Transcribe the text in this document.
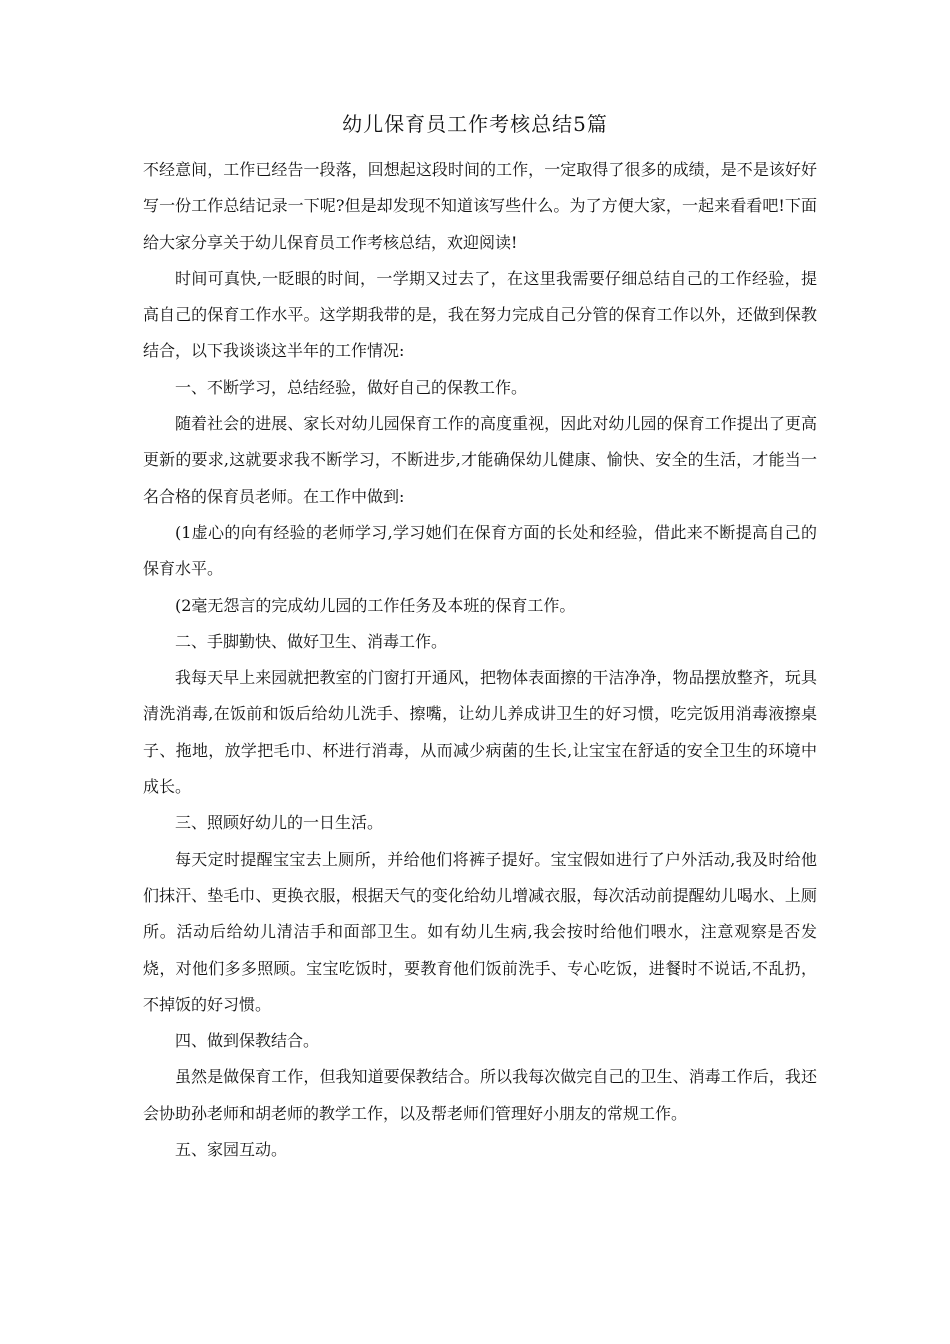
幼儿保育员工作考核总结5篇

不经意间，工作已经告一段落，回想起这段时间的工作，一定取得了很多的成绩，是不是该好好写一份工作总结记录一下呢?但是却发现不知道该写些什么。为了方便大家，一起来看看吧!下面给大家分享关于幼儿保育员工作考核总结，欢迎阅读!

时间可真快,一眨眼的时间，一学期又过去了，在这里我需要仔细总结自己的工作经验，提高自己的保育工作水平。这学期我带的是，我在努力完成自己分管的保育工作以外，还做到保教结合，以下我谈谈这半年的工作情况:

一、不断学习，总结经验，做好自己的保教工作。

随着社会的进展、家长对幼儿园保育工作的高度重视，因此对幼儿园的保育工作提出了更高更新的要求,这就要求我不断学习，不断进步,才能确保幼儿健康、愉快、安全的生活，才能当一名合格的保育员老师。在工作中做到:

(1虚心的向有经验的老师学习,学习她们在保育方面的长处和经验，借此来不断提高自己的保育水平。

(2毫无怨言的完成幼儿园的工作任务及本班的保育工作。

二、手脚勤快、做好卫生、消毒工作。

我每天早上来园就把教室的门窗打开通风，把物体表面擦的干洁净净，物品摆放整齐，玩具清洗消毒,在饭前和饭后给幼儿洗手、擦嘴，让幼儿养成讲卫生的好习惯，吃完饭用消毒液擦桌子、拖地，放学把毛巾、杯进行消毒，从而减少病菌的生长,让宝宝在舒适的安全卫生的环境中成长。

三、照顾好幼儿的一日生活。

每天定时提醒宝宝去上厕所，并给他们将裤子提好。宝宝假如进行了户外活动,我及时给他们抹汗、垫毛巾、更换衣服，根据天气的变化给幼儿增减衣服，每次活动前提醒幼儿喝水、上厕所。活动后给幼儿清洁手和面部卫生。如有幼儿生病,我会按时给他们喂水，注意观察是否发烧，对他们多多照顾。宝宝吃饭时，要教育他们饭前洗手、专心吃饭，进餐时不说话,不乱扔，不掉饭的好习惯。

四、做到保教结合。

虽然是做保育工作，但我知道要保教结合。所以我每次做完自己的卫生、消毒工作后，我还会协助孙老师和胡老师的教学工作，以及帮老师们管理好小朋友的常规工作。

五、家园互动。
